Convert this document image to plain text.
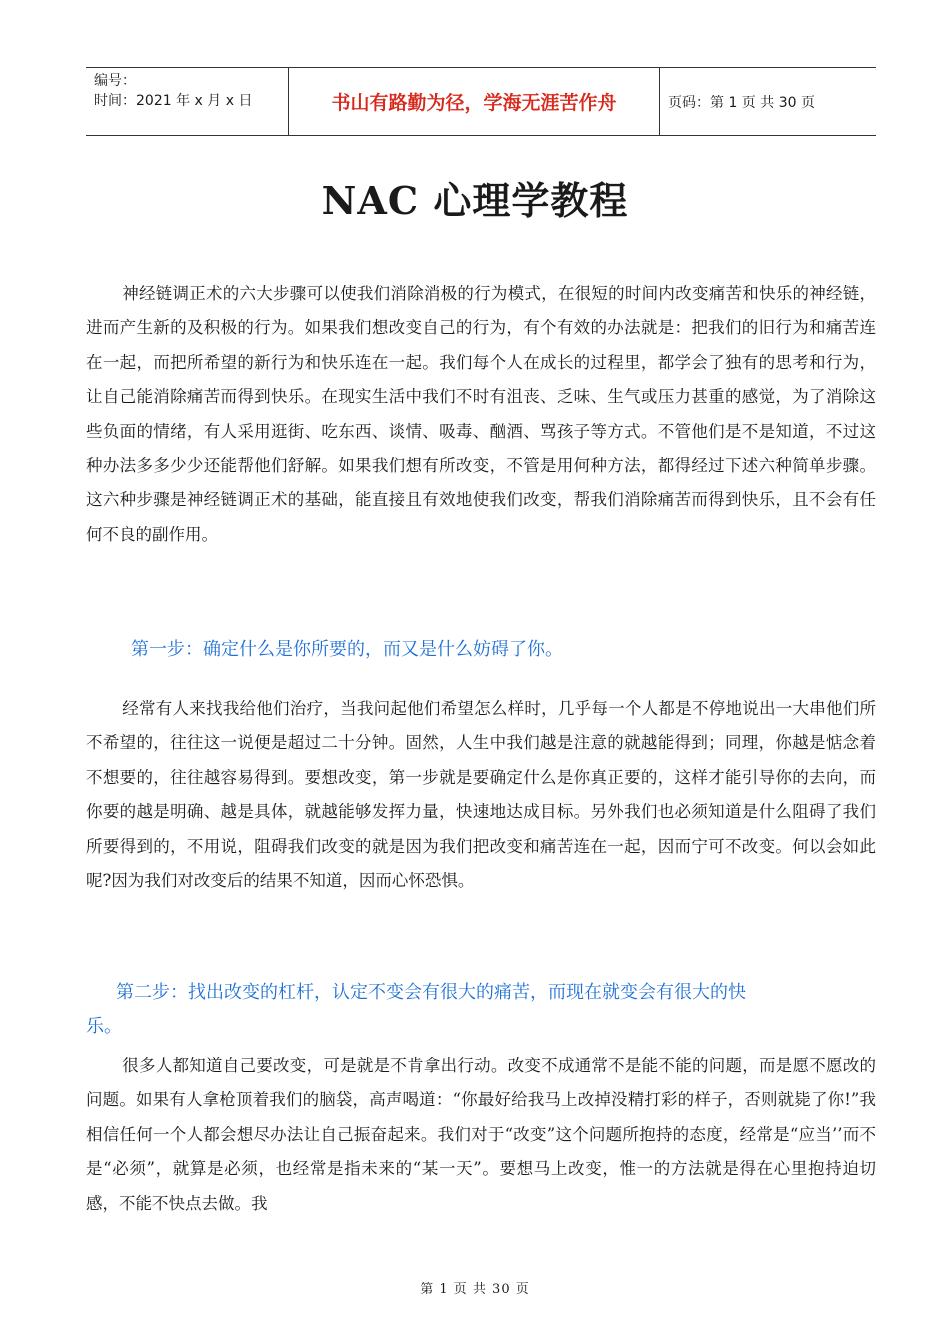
编号：
时间：2021 年 x 月 x 日	书山有路勤为径，学海无涯苦作舟	页码：第 1 页 共 30 页
NAC 心理学教程

神经链调正术的六大步骤可以使我们消除消极的行为模式，在很短的时间内改变痛苦和快乐的神经链，进而产生新的及积极的行为。如果我们想改变自己的行为，有个有效的办法就是：把我们的旧行为和痛苦连在一起，而把所希望的新行为和快乐连在一起。我们每个人在成长的过程里，都学会了独有的思考和行为，让自己能消除痛苦而得到快乐。在现实生活中我们不时有沮丧、乏味、生气或压力甚重的感觉，为了消除这些负面的情绪，有人采用逛街、吃东西、谈情、吸毒、酗酒、骂孩子等方式。不管他们是不是知道，不过这种办法多多少少还能帮他们舒解。如果我们想有所改变，不管是用何种方法，都得经过下述六种简单步骤。这六种步骤是神经链调正术的基础，能直接且有效地使我们改变，帮我们消除痛苦而得到快乐，且不会有任何不良的副作用。

第一步：确定什么是你所要的，而又是什么妨碍了你。

经常有人来找我给他们治疗，当我问起他们希望怎么样时，几乎每一个人都是不停地说出一大串他们所不希望的，往往这一说便是超过二十分钟。固然，人生中我们越是注意的就越能得到；同理，你越是惦念着不想要的，往往越容易得到。要想改变，第一步就是要确定什么是你真正要的，这样才能引导你的去向，而你要的越是明确、越是具体，就越能够发挥力量，快速地达成目标。另外我们也必须知道是什么阻碍了我们所要得到的，不用说，阻碍我们改变的就是因为我们把改变和痛苦连在一起，因而宁可不改变。何以会如此呢?因为我们对改变后的结果不知道，因而心怀恐惧。

第二步：找出改变的杠杆，认定不变会有很大的痛苦，而现在就变会有很大的快

乐。

很多人都知道自己要改变，可是就是不肯拿出行动。改变不成通常不是能不能的问题，而是愿不愿改的问题。如果有人拿枪顶着我们的脑袋，高声喝道：“你最好给我马上改掉没精打彩的样子，否则就毙了你!”我相信任何一个人都会想尽办法让自己振奋起来。我们对于“改变”这个问题所抱持的态度，经常是“应当’’而不是“必须”，就算是必须，也经常是指未来的“某一天”。要想马上改变，惟一的方法就是得在心里抱持迫切感，不能不快点去做。我

第 1 页 共 30 页
